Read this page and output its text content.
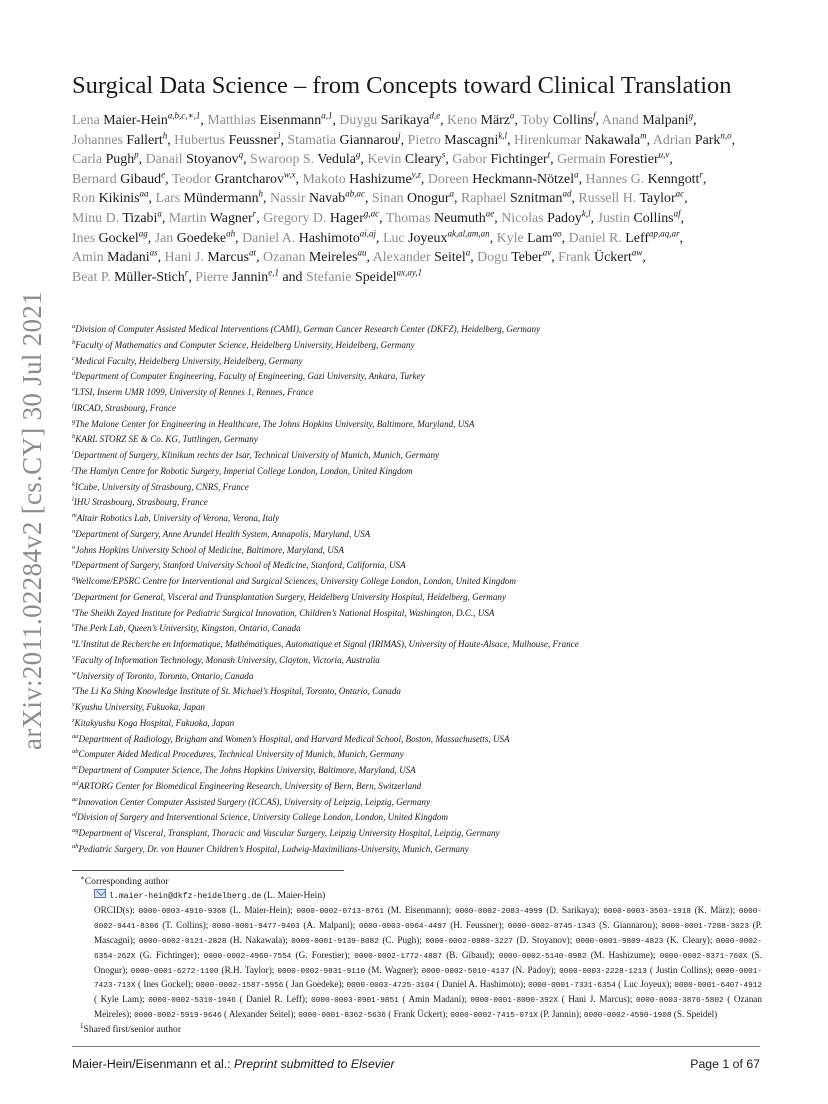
arXiv:2011.02284v2 [cs.CY] 30 Jul 2021
Surgical Data Science – from Concepts toward Clinical Translation
Lena Maier-Hein$^{a,b,c,∗,1}$, Matthias Eisenmann$^{a,1}$, Duygu Sarikaya$^{d,e}$, Keno März$^a$, Toby Collins$^f$, Anand Malpani$^g$, Johannes Fallert$^h$, Hubertus Feussner$^i$, Stamatia Giannarou$^j$, Pietro Mascagni$^{k,l}$, Hirenkumar Nakawala$^m$, Adrian Park$^{n,o}$, Carla Pugh$^p$, Danail Stoyanov$^q$, Swaroop S. Vedula$^g$, Kevin Cleary$^s$, Gabor Fichtinger$^t$, Germain Forestier$^{u,v}$, Bernard Gibaud$^e$, Teodor Grantcharov$^{w,x}$, Makoto Hashizume$^{y,z}$, Doreen Heckmann-Nötzel$^a$, Hannes G. Kenngott$^r$, Ron Kikinis$^{aa}$, Lars Mündermann$^h$, Nassir Navab$^{ab,ac}$, Sinan Onogur$^a$, Raphael Sznitman$^{ad}$, Russell H. Taylor$^{ac}$, Minu D. Tizabi$^a$, Martin Wagner$^r$, Gregory D. Hager$^{g,ac}$, Thomas Neumuth$^{ae}$, Nicolas Padoy$^{k,l}$, Justin Collins$^{af}$, Ines Gockel$^{ag}$, Jan Goedeke$^{ah}$, Daniel A. Hashimoto$^{ai,aj}$, Luc Joyeux$^{ak,al,am,an}$, Kyle Lam$^{ao}$, Daniel R. Leff$^{ap,aq,ar}$, Amin Madani$^{as}$, Hani J. Marcus$^{at}$, Ozanan Meireles$^{au}$, Alexander Seitel$^a$, Dogu Teber$^{av}$, Frank Ückert$^{aw}$, Beat P. Müller-Stich$^r$, Pierre Jannin$^{e,1}$ and Stefanie Speidel$^{ax,ay,1}$
$^a$Division of Computer Assisted Medical Interventions (CAMI), German Cancer Research Center (DKFZ), Heidelberg, Germany
$^b$Faculty of Mathematics and Computer Science, Heidelberg University, Heidelberg, Germany
$^c$Medical Faculty, Heidelberg University, Heidelberg, Germany
$^d$Department of Computer Engineering, Faculty of Engineering, Gazi University, Ankara, Turkey
$^e$LTSI, Inserm UMR 1099, University of Rennes 1, Rennes, France
$^f$IRCAD, Strasbourg, France
$^g$The Malone Center for Engineering in Healthcare, The Johns Hopkins University, Baltimore, Maryland, USA
$^h$KARL STORZ SE & Co. KG, Tuttlingen, Germany
$^i$Department of Surgery, Klinikum rechts der Isar, Technical University of Munich, Munich, Germany
$^j$The Hamlyn Centre for Robotic Surgery, Imperial College London, London, United Kingdom
$^k$ICube, University of Strasbourg, CNRS, France
$^l$IHU Strasbourg, Strasbourg, France
$^m$Altair Robotics Lab, University of Verona, Verona, Italy
$^n$Department of Surgery, Anne Arundel Health System, Annapolis, Maryland, USA
$^o$Johns Hopkins University School of Medicine, Baltimore, Maryland, USA
$^p$Department of Surgery, Stanford University School of Medicine, Stanford, California, USA
$^q$Wellcome/EPSRC Centre for Interventional and Surgical Sciences, University College London, London, United Kingdom
$^r$Department for General, Visceral and Transplantation Surgery, Heidelberg University Hospital, Heidelberg, Germany
$^s$The Sheikh Zayed Institute for Pediatric Surgical Innovation, Children’s National Hospital, Washington, D.C., USA
$^t$The Perk Lab, Queen’s University, Kingston, Ontario, Canada
$^u$L’Institut de Recherche en Informatique, Mathématiques, Automatique et Signal (IRIMAS), University of Haute-Alsace, Mulhouse, France
$^v$Faculty of Information Technology, Monash University, Clayton, Victoria, Australia
$^w$University of Toronto, Toronto, Ontario, Canada
$^x$The Li Ka Shing Knowledge Institute of St. Michael’s Hospital, Toronto, Ontario, Canada
$^y$Kyushu University, Fukuoka, Japan
$^z$Kitakyushu Koga Hospital, Fukuoka, Japan
$^{aa}$Department of Radiology, Brigham and Women’s Hospital, and Harvard Medical School, Boston, Massachusetts, USA
$^{ab}$Computer Aided Medical Procedures, Technical University of Munich, Munich, Germany
$^{ac}$Department of Computer Science, The Johns Hopkins University, Baltimore, Maryland, USA
$^{ad}$ARTORG Center for Biomedical Engineering Research, University of Bern, Bern, Switzerland
$^{ae}$Innovation Center Computer Assisted Surgery (ICCAS), University of Leipzig, Leipzig, Germany
$^{af}$Division of Surgery and Interventional Science, University College London, London, United Kingdom
$^{ag}$Department of Visceral, Transplant, Thoracic and Vascular Surgery, Leipzig University Hospital, Leipzig, Germany
$^{ah}$Pediatric Surgery, Dr. von Hauner Children’s Hospital, Ludwig-Maximilians-University, Munich, Germany
∗Corresponding author
l.maier-hein@dkfz-heidelberg.de (L. Maier-Hein)
ORCID(s): 0000-0003-4910-9368 (L. Maier-Hein); 0000-0002-0713-8761 (M. Eisenmann); 0000-0002-2083-4999 (D. Sarikaya); 0000-0003-3503-1918 (K. März); 0000-0002-9441-8306 (T. Collins); 0000-0001-9477-9403 (A. Malpani); 0000-0003-0964-4497 (H. Feussner); 0000-0002-8745-1343 (S. Giannarou); 0000-0001-7288-3023 (P. Mascagni); 0000-0002-0121-2828 (H. Nakawala); 0000-0001-9139-8082 (C. Pugh); 0000-0002-0980-3227 (D. Stoyanov); 0000-0001-9809-4823 (K. Cleary); 0000-0002-6354-262X (G. Fichtinger); 0000-0002-4960-7554 (G. Forestier); 0000-0002-1772-4887 (B. Gibaud); 0000-0002-5140-0982 (M. Hashizume); 0000-0002-8371-760X (S. Onogur); 0000-0001-6272-1100 (R.H. Taylor); 0000-0002-9831-9110 (M. Wagner); 0000-0002-5010-4137 (N. Padoy); 0000-0003-2228-1213 ( Justin Collins); 0000-0001-7423-713X ( Ines Gockel); 0000-0002-1587-5956 ( Jan Goedeke); 0000-0003-4725-3104 ( Daniel A. Hashimoto); 0000-0001-7331-6354 ( Luc Joyeux); 0000-0001-6407-4912 ( Kyle Lam); 0000-0002-5310-1046 ( Daniel R. Leff); 0000-0003-0901-9851 ( Amin Madani); 0000-0001-8000-392X ( Hani J. Marcus); 0000-0003-3876-5802 ( Ozanan Meireles); 0000-0002-5919-9646 ( Alexander Seitel); 0000-0001-8362-5636 ( Frank Ückert); 0000-0002-7415-071X (P. Jannin); 0000-0002-4590-1908 (S. Speidel)
$^1$Shared first/senior author
Maier-Hein/Eisenmann et al.: Preprint submitted to Elsevier	Page 1 of 67
